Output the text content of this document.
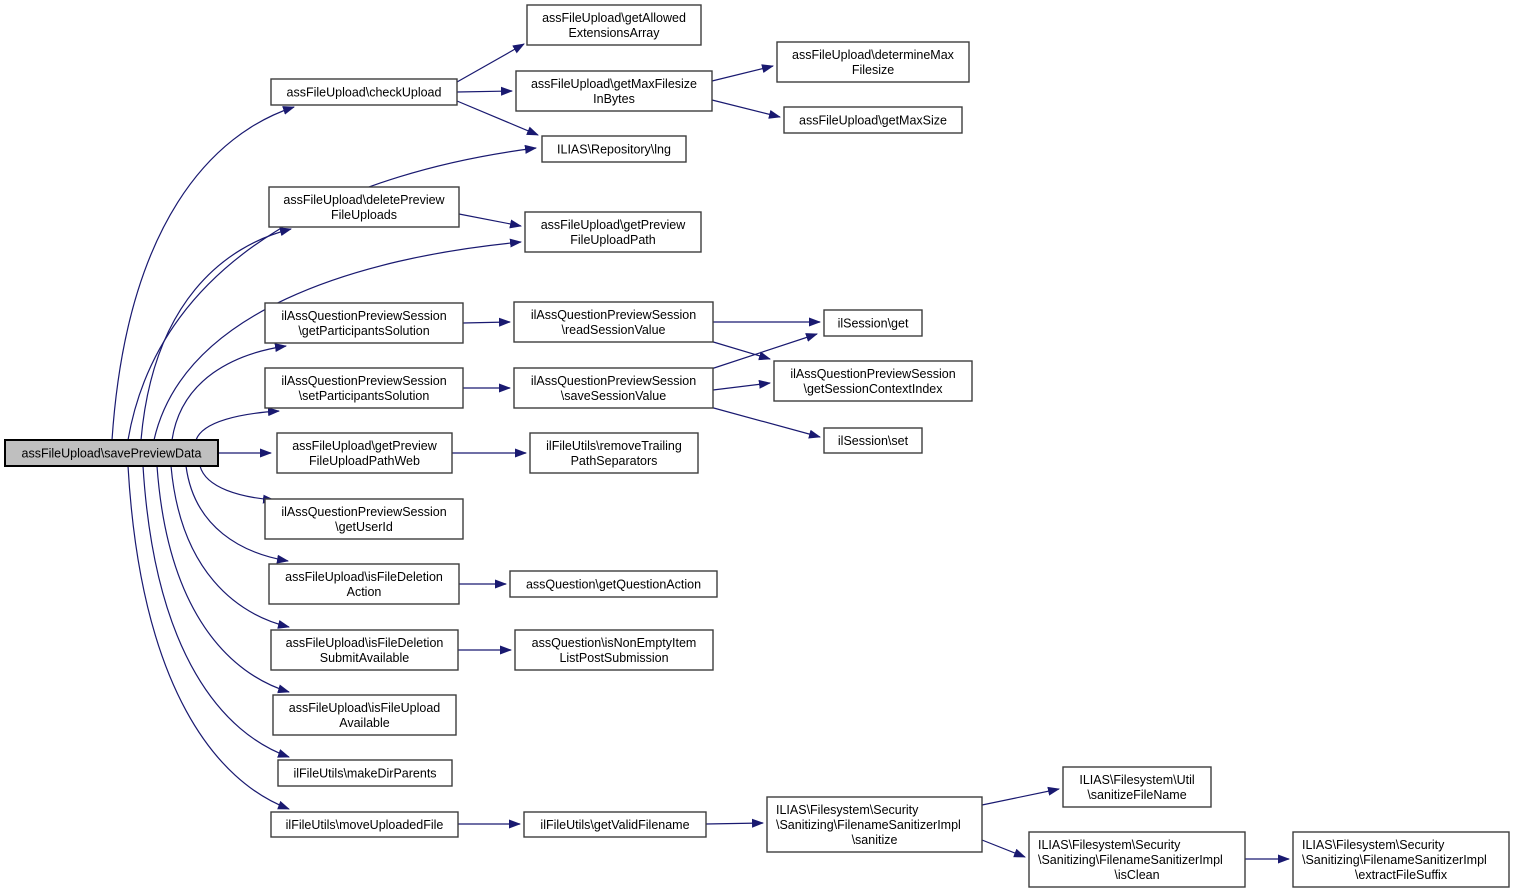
assFileUpload\savePreviewData
assFileUpload\checkUpload
assFileUpload\getAllowed ExtensionsArray
assFileUpload\getMaxFilesize InBytes
assFileUpload\determineMax Filesize
assFileUpload\getMaxSize
ILIAS\Repository\lng
assFileUpload\deletePreview FileUploads
assFileUpload\getPreview FileUploadPath
ilAssQuestionPreviewSession \getParticipantsSolution
ilAssQuestionPreviewSession \readSessionValue
ilAssQuestionPreviewSession \setParticipantsSolution
ilAssQuestionPreviewSession \saveSessionValue
ilSession\get
ilAssQuestionPreviewSession \getSessionContextIndex
ilSession\set
assFileUpload\getPreview FileUploadPathWeb
ilFileUtils\removeTrailing PathSeparators
ilAssQuestionPreviewSession \getUserId
assFileUpload\isFileDeletion Action
assQuestion\getQuestionAction
assFileUpload\isFileDeletion SubmitAvailable
assQuestion\isNonEmptyItem ListPostSubmission
assFileUpload\isFileUpload Available
ilFileUtils\makeDirParents
ilFileUtils\moveUploadedFile	ilFileUtils\getValidFilename
ILIAS\Filesystem\Security \Sanitizing\FilenameSanitizerImpl \sanitize
ILIAS\Filesystem\Util \sanitizeFileName
ILIAS\Filesystem\Security \Sanitizing\FilenameSanitizerImpl \isClean
ILIAS\Filesystem\Security \Sanitizing\FilenameSanitizerImpl \extractFileSuffix
